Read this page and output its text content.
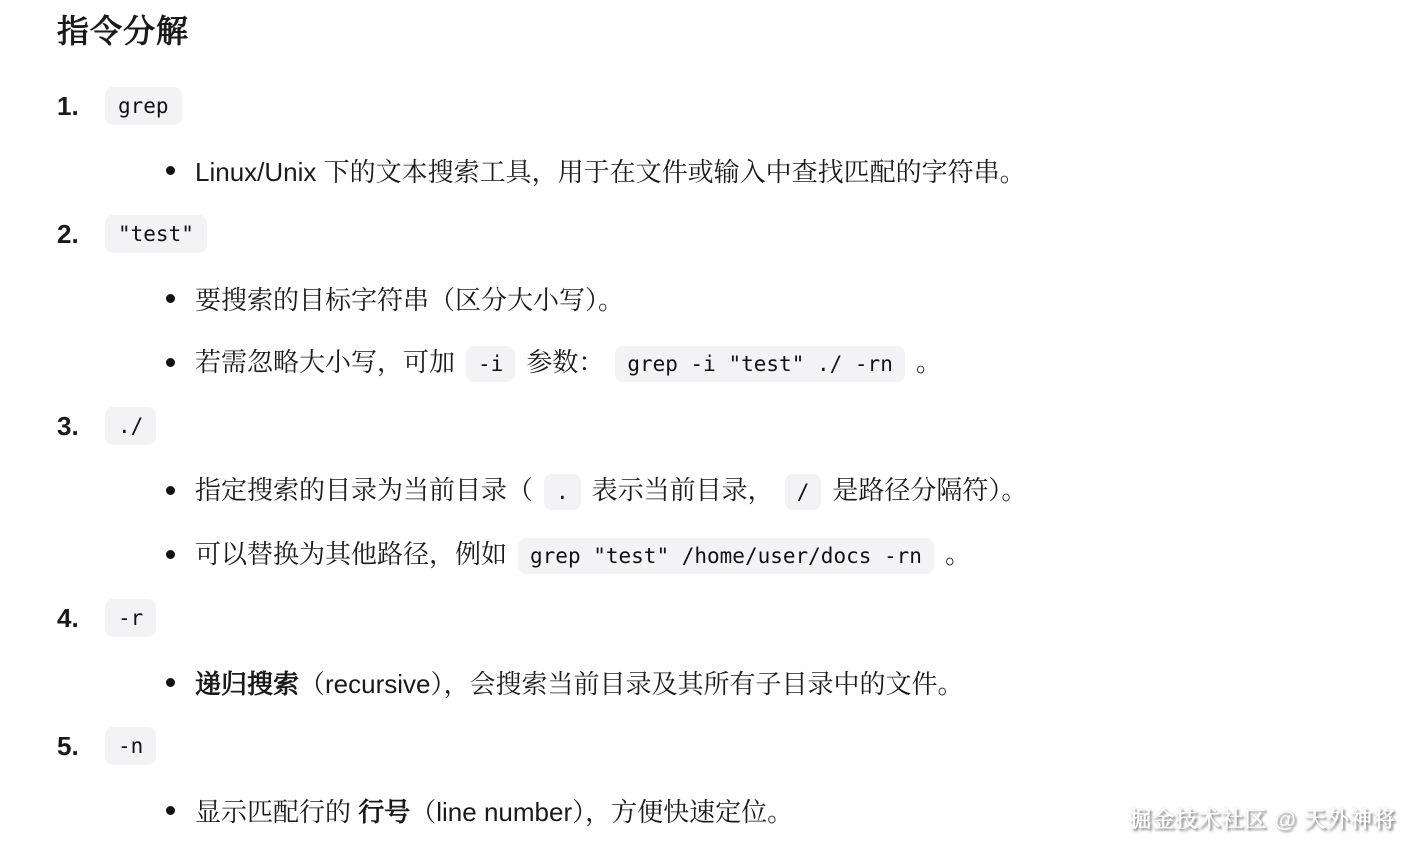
指令分解
1.	grep

Linux/Unix 下的文本搜索工具，用于在文件或输入中查找匹配的字符串。

2.	"test"

要搜索的目标字符串（区分大小写）。

若需忽略大小写，可加 -i 参数： grep -i "test" ./ -rn 。

3.	./

指定搜索的目录为当前目录（ . 表示当前目录， / 是路径分隔符）。

可以替换为其他路径，例如 grep "test" /home/user/docs -rn 。

4.	-r

递归搜索（recursive），会搜索当前目录及其所有子目录中的文件。

5.	-n

显示匹配行的 行号（line number），方便快速定位。	掘金技术社区 @ 天外神将
